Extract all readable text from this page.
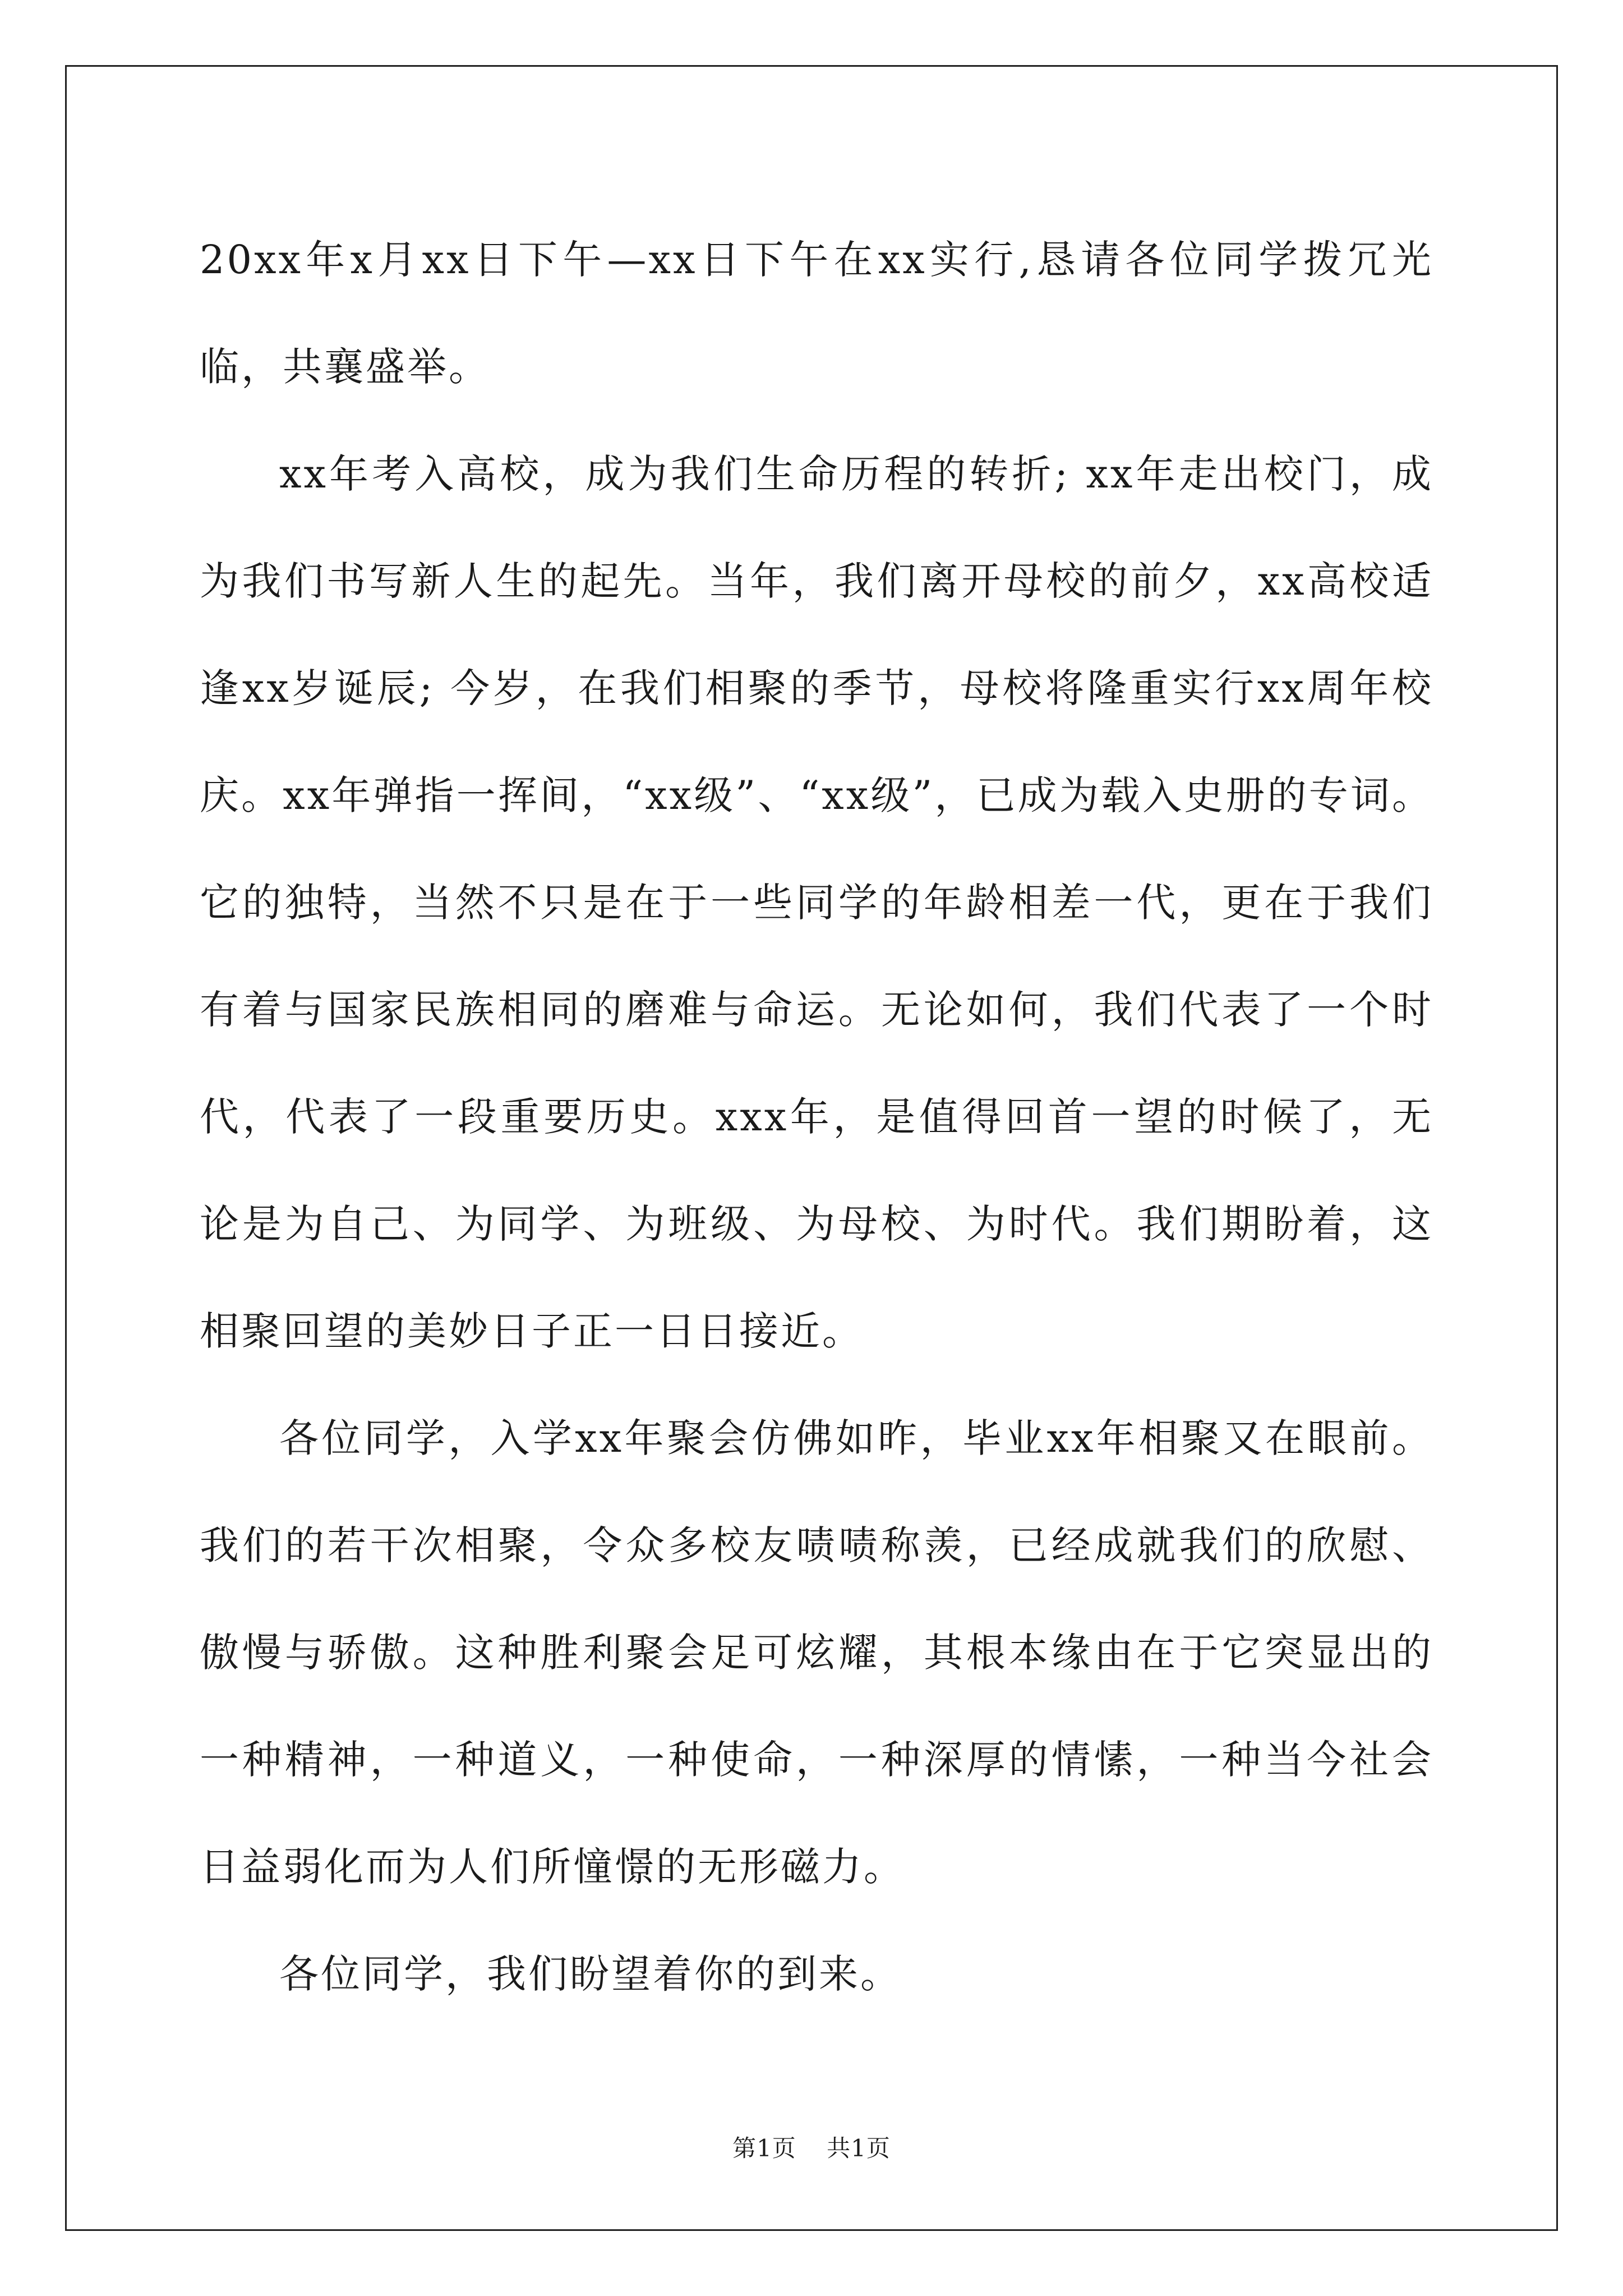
20xx年x月xx日下午—xx日下午在xx实行,恳请各位同学拨冗光临，共襄盛举。

xx年考入高校，成为我们生命历程的转折; xx年走出校门，成为我们书写新人生的起先。当年，我们离开母校的前夕，xx高校适逢xx岁诞辰; 今岁，在我们相聚的季节，母校将隆重实行xx周年校庆。xx年弹指一挥间，“xx级”、“xx级”，已成为载入史册的专词。它的独特，当然不只是在于一些同学的年龄相差一代，更在于我们有着与国家民族相同的磨难与命运。无论如何，我们代表了一个时代，代表了一段重要历史。xxx年，是值得回首一望的时候了，无论是为自己、为同学、为班级、为母校、为时代。我们期盼着，这相聚回望的美妙日子正一日日接近。

各位同学，入学xx年聚会仿佛如昨，毕业xx年相聚又在眼前。我们的若干次相聚，令众多校友啧啧称羡，已经成就我们的欣慰、傲慢与骄傲。这种胜利聚会足可炫耀，其根本缘由在于它突显出的一种精神，一种道义，一种使命，一种深厚的情愫，一种当今社会日益弱化而为人们所憧憬的无形磁力。

各位同学，我们盼望着你的到来。

第1页 共1页
